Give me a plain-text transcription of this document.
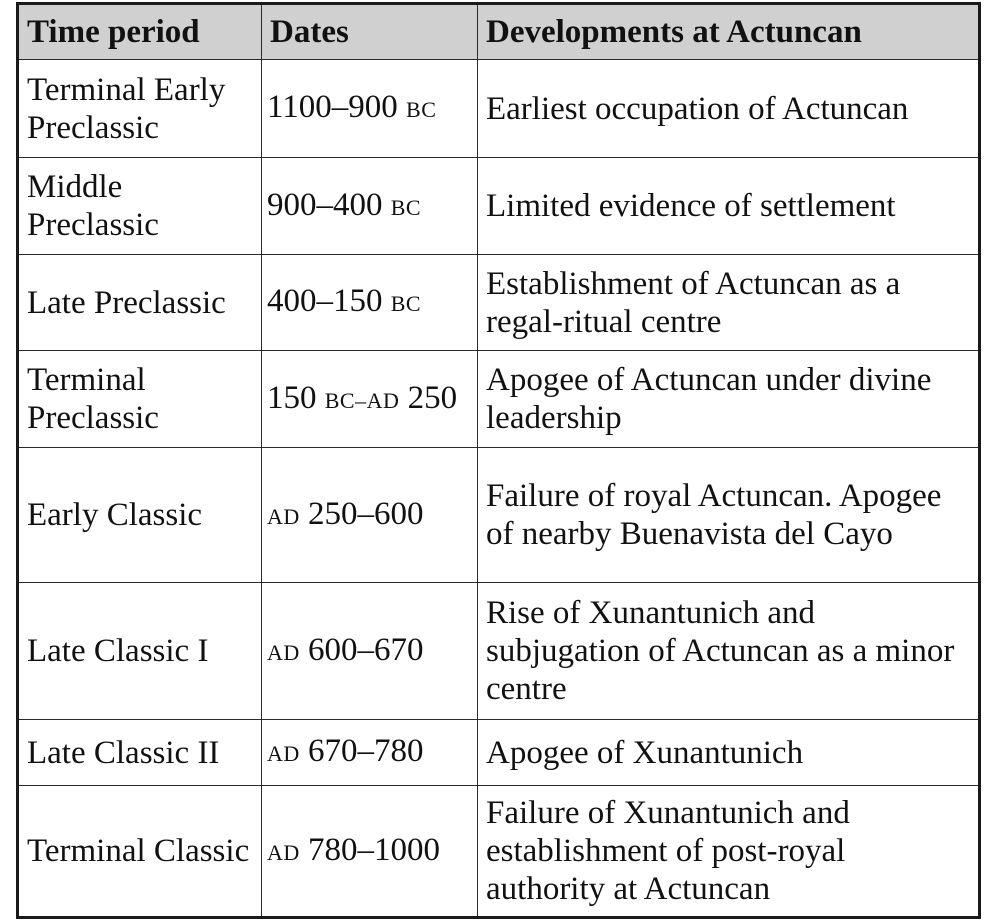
Time period	Dates	Developments at Actuncan
Terminal Early Preclassic	1100–900 BC	Earliest occupation of Actuncan
Middle Preclassic	900–400 BC	Limited evidence of settlement
Late Preclassic	400–150 BC	Establishment of Actuncan as a regal-ritual centre
Terminal Preclassic	150 BC–AD 250	Apogee of Actuncan under divine leadership
Early Classic	AD 250–600	Failure of royal Actuncan. Apogee of nearby Buenavista del Cayo
Late Classic I	AD 600–670	Rise of Xunantunich and subjugation of Actuncan as a minor centre
Late Classic II	AD 670–780	Apogee of Xunantunich
Terminal Classic	AD 780–1000	Failure of Xunantunich and establishment of post-royal authority at Actuncan
